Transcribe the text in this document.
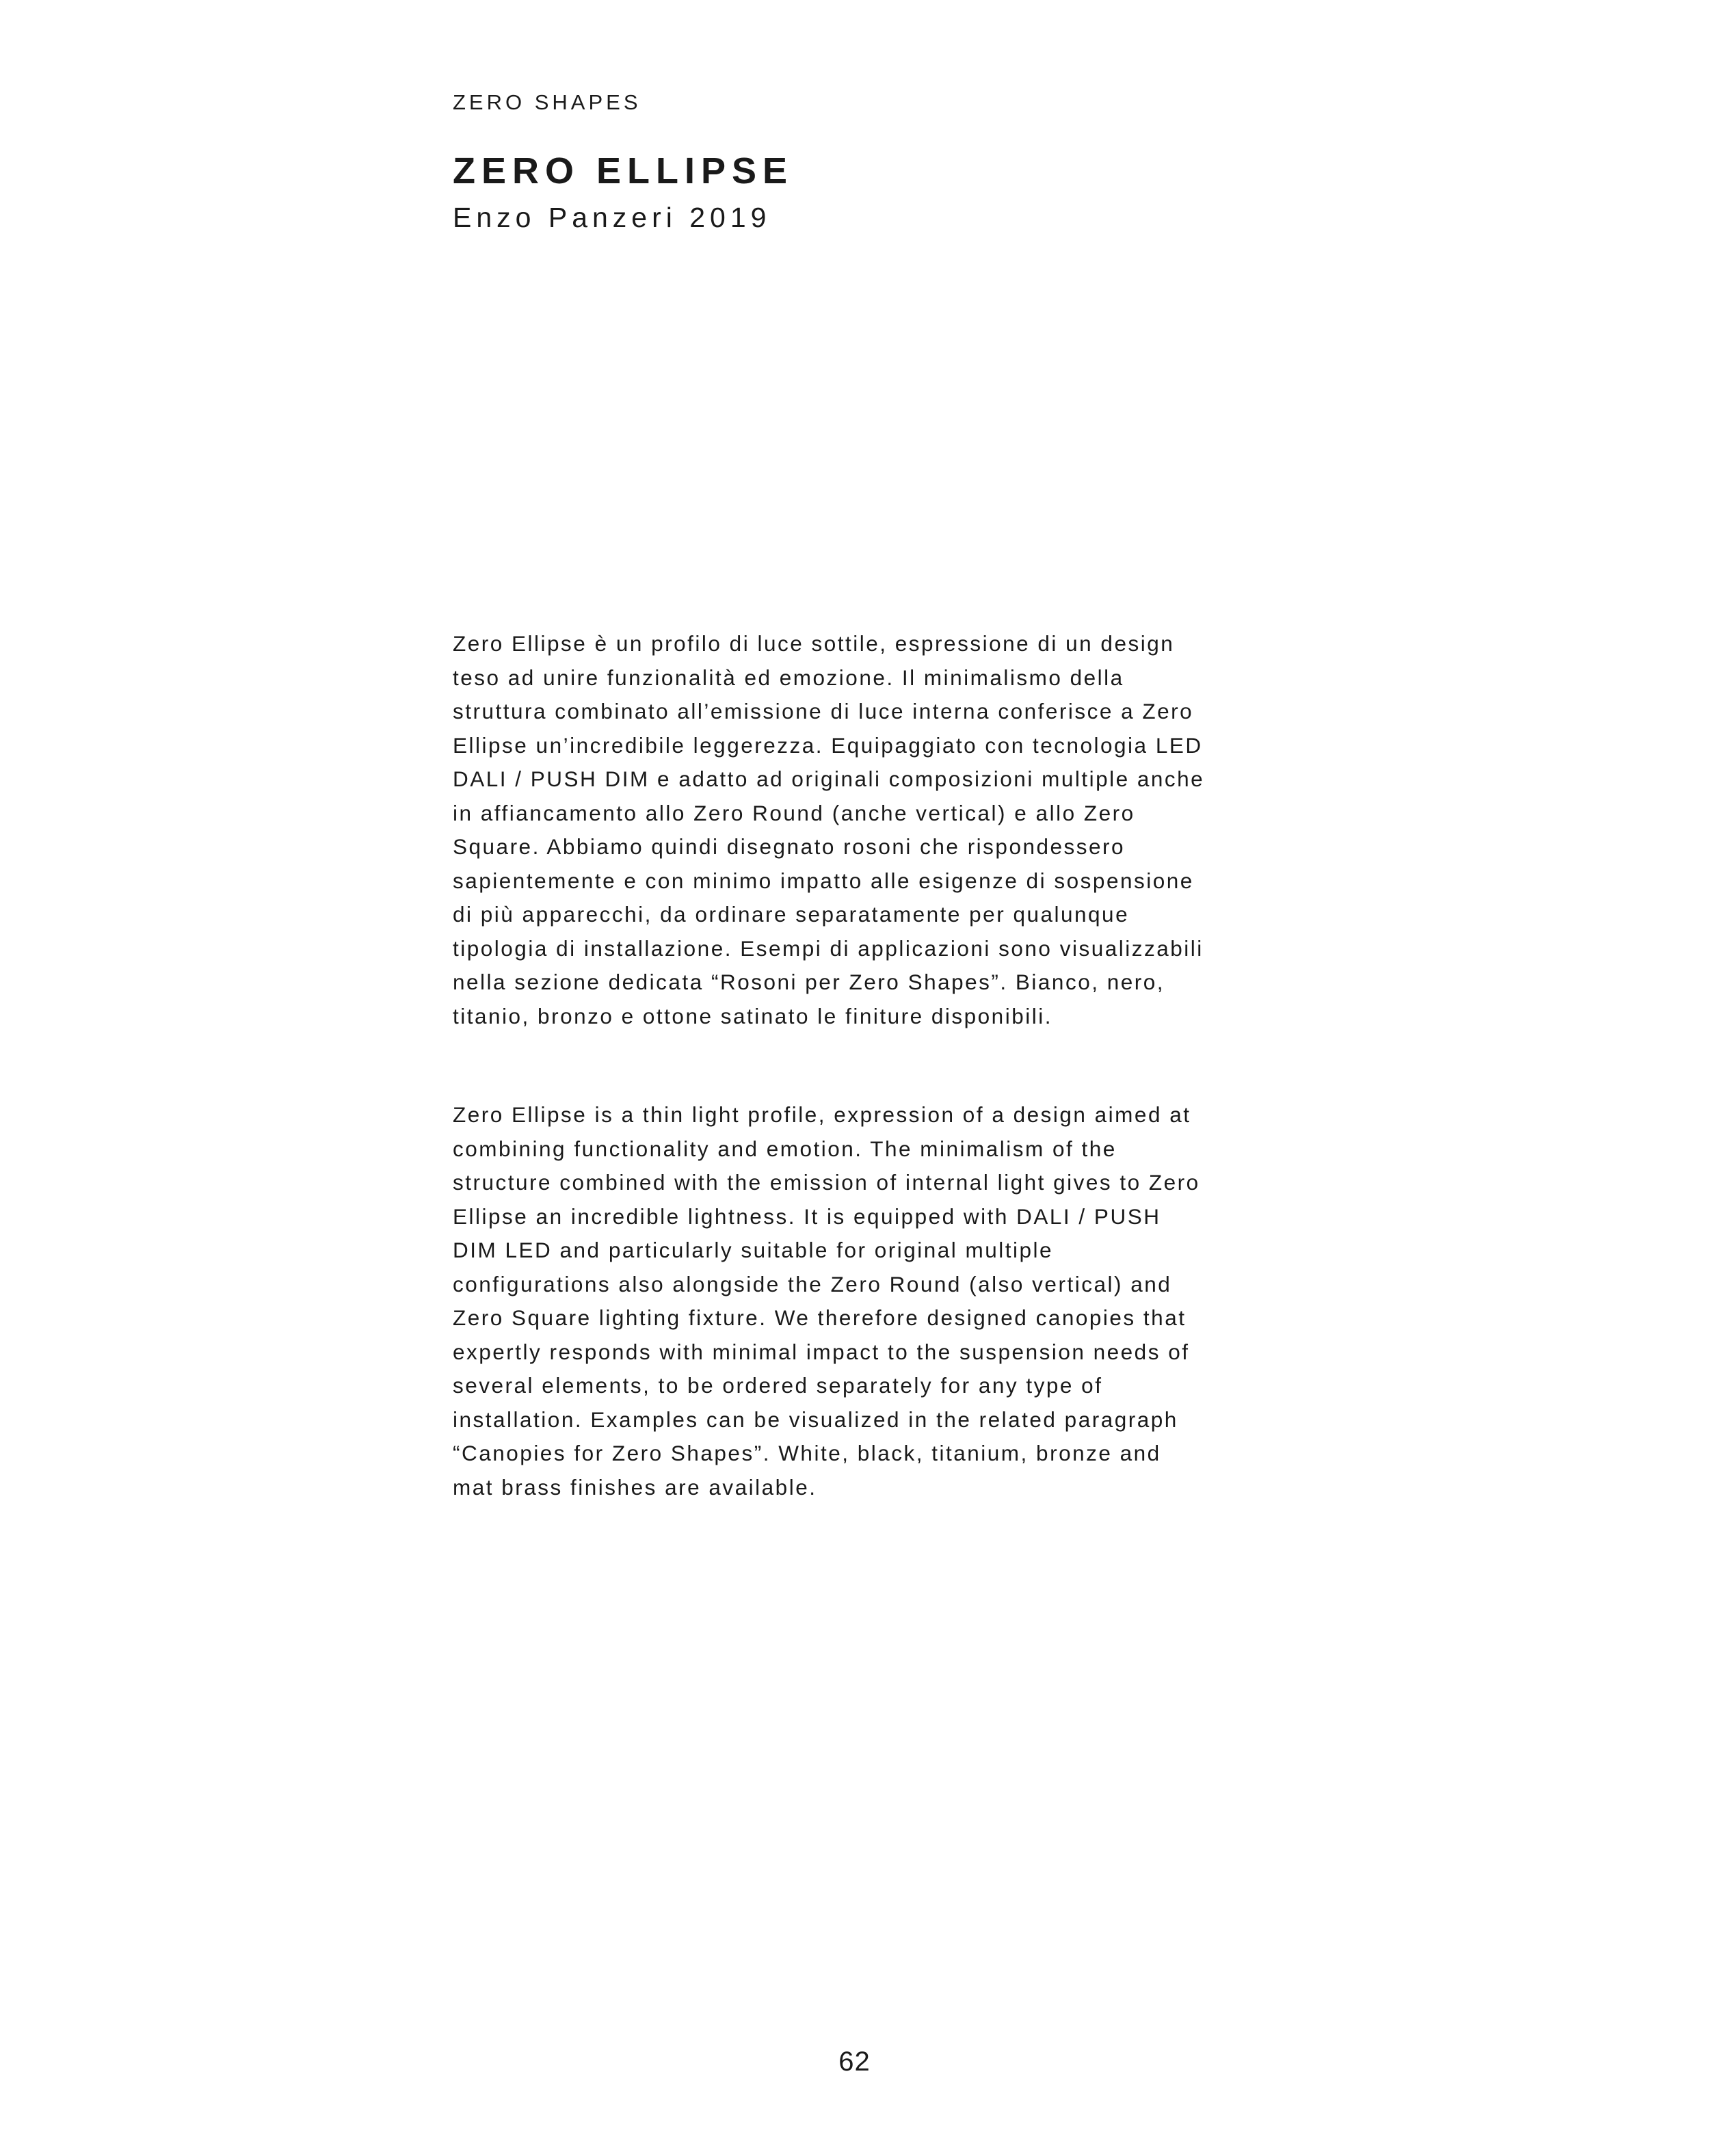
ZERO SHAPES
ZERO ELLIPSE
Enzo Panzeri 2019
Zero Ellipse è un profilo di luce sottile, espressione di un design
teso ad unire funzionalità ed emozione. Il minimalismo della
struttura combinato all’emissione di luce interna conferisce a Zero
Ellipse un’incredibile leggerezza. Equipaggiato con tecnologia LED
DALI / PUSH DIM e adatto ad originali composizioni multiple anche
in affiancamento allo Zero Round (anche vertical) e allo Zero
Square. Abbiamo quindi disegnato rosoni che rispondessero
sapientemente e con minimo impatto alle esigenze di sospensione
di più apparecchi, da ordinare separatamente per qualunque
tipologia di installazione. Esempi di applicazioni sono visualizzabili
nella sezione dedicata “Rosoni per Zero Shapes”. Bianco, nero,
titanio, bronzo e ottone satinato le finiture disponibili.
Zero Ellipse is a thin light profile, expression of a design aimed at
combining functionality and emotion. The minimalism of the
structure combined with the emission of internal light gives to Zero
Ellipse an incredible lightness. It is equipped with DALI / PUSH
DIM LED and particularly suitable for original multiple
configurations also alongside the Zero Round (also vertical) and
Zero Square lighting fixture. We therefore designed canopies that
expertly responds with minimal impact to the suspension needs of
several elements, to be ordered separately for any type of
installation. Examples can be visualized in the related paragraph
“Canopies for Zero Shapes”. White, black, titanium, bronze and
mat brass finishes are available.
62
